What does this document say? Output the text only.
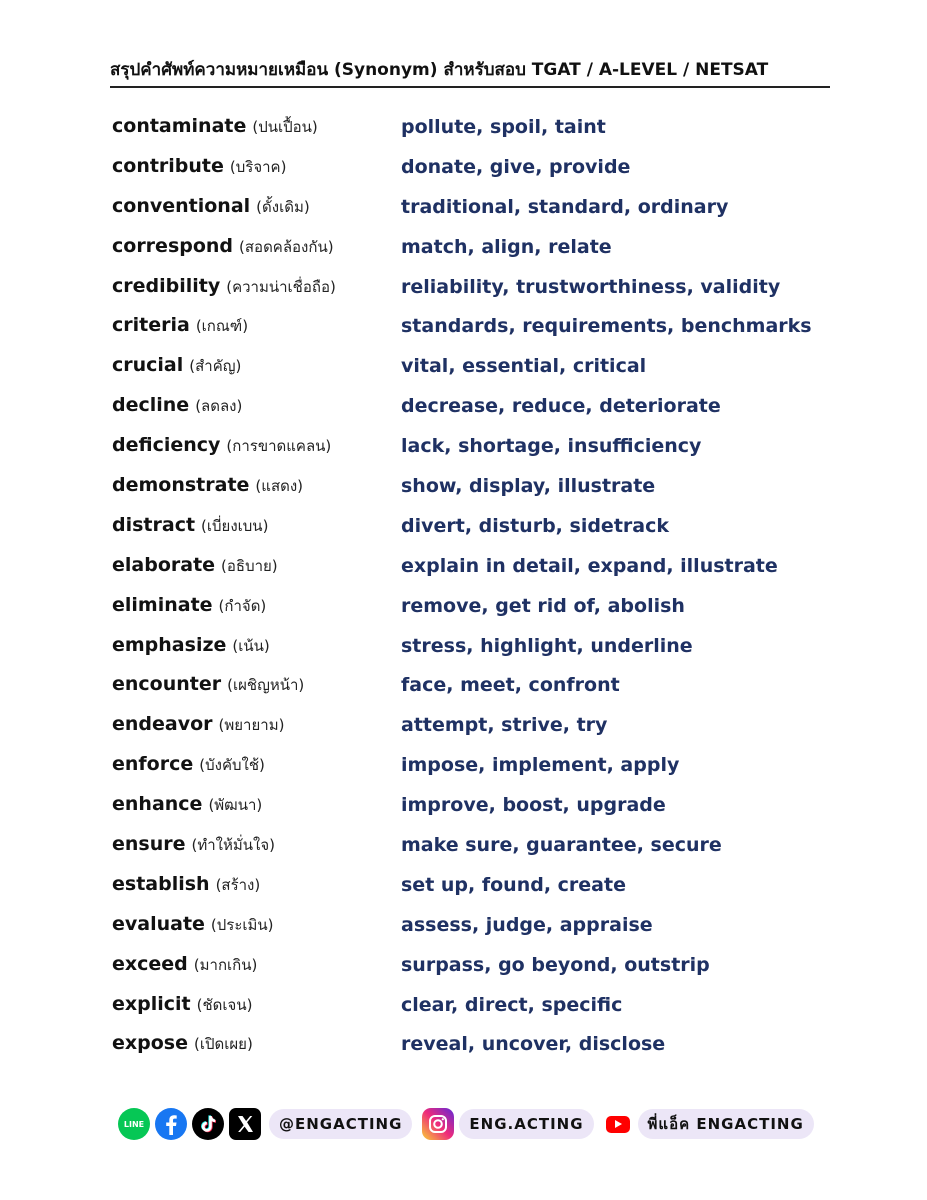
สรุปคำศัพท์ความหมายเหมือน (Synonym) สำหรับสอบ TGAT / A-LEVEL / NETSAT
contaminate (ปนเปื้อน)	pollute, spoil, taint
contribute (บริจาค)	donate, give, provide
conventional (ดั้งเดิม)	traditional, standard, ordinary
correspond (สอดคล้องกัน)	match, align, relate
credibility (ความน่าเชื่อถือ)	reliability, trustworthiness, validity
criteria (เกณฑ์)	standards, requirements, benchmarks
crucial (สำคัญ)	vital, essential, critical
decline (ลดลง)	decrease, reduce, deteriorate
deficiency (การขาดแคลน)	lack, shortage, insufficiency
demonstrate (แสดง)	show, display, illustrate
distract (เบี่ยงเบน)	divert, disturb, sidetrack
elaborate (อธิบาย)	explain in detail, expand, illustrate
eliminate (กำจัด)	remove, get rid of, abolish
emphasize (เน้น)	stress, highlight, underline
encounter (เผชิญหน้า)	face, meet, confront
endeavor (พยายาม)	attempt, strive, try
enforce (บังคับใช้)	impose, implement, apply
enhance (พัฒนา)	improve, boost, upgrade
ensure (ทำให้มั่นใจ)	make sure, guarantee, secure
establish (สร้าง)	set up, found, create
evaluate (ประเมิน)	assess, judge, appraise
exceed (มากเกิน)	surpass, go beyond, outstrip
explicit (ชัดเจน)	clear, direct, specific
expose (เปิดเผย)	reveal, uncover, disclose
LINE	@ENGACTING	ENG.ACTING	พี่แอ็ค ENGACTING
